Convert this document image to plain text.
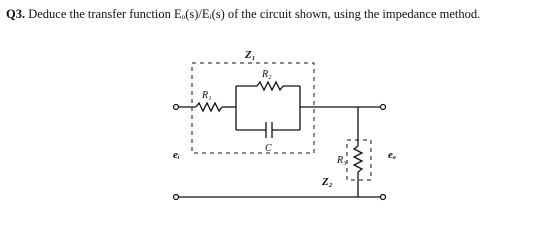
Q3. Deduce the transfer function Eₒ(s)/Eᵢ(s) of the circuit shown, using the impedance method.
Z₁
R₂
R₁
C
R₃
Z₂
eᵢ	eₒ
